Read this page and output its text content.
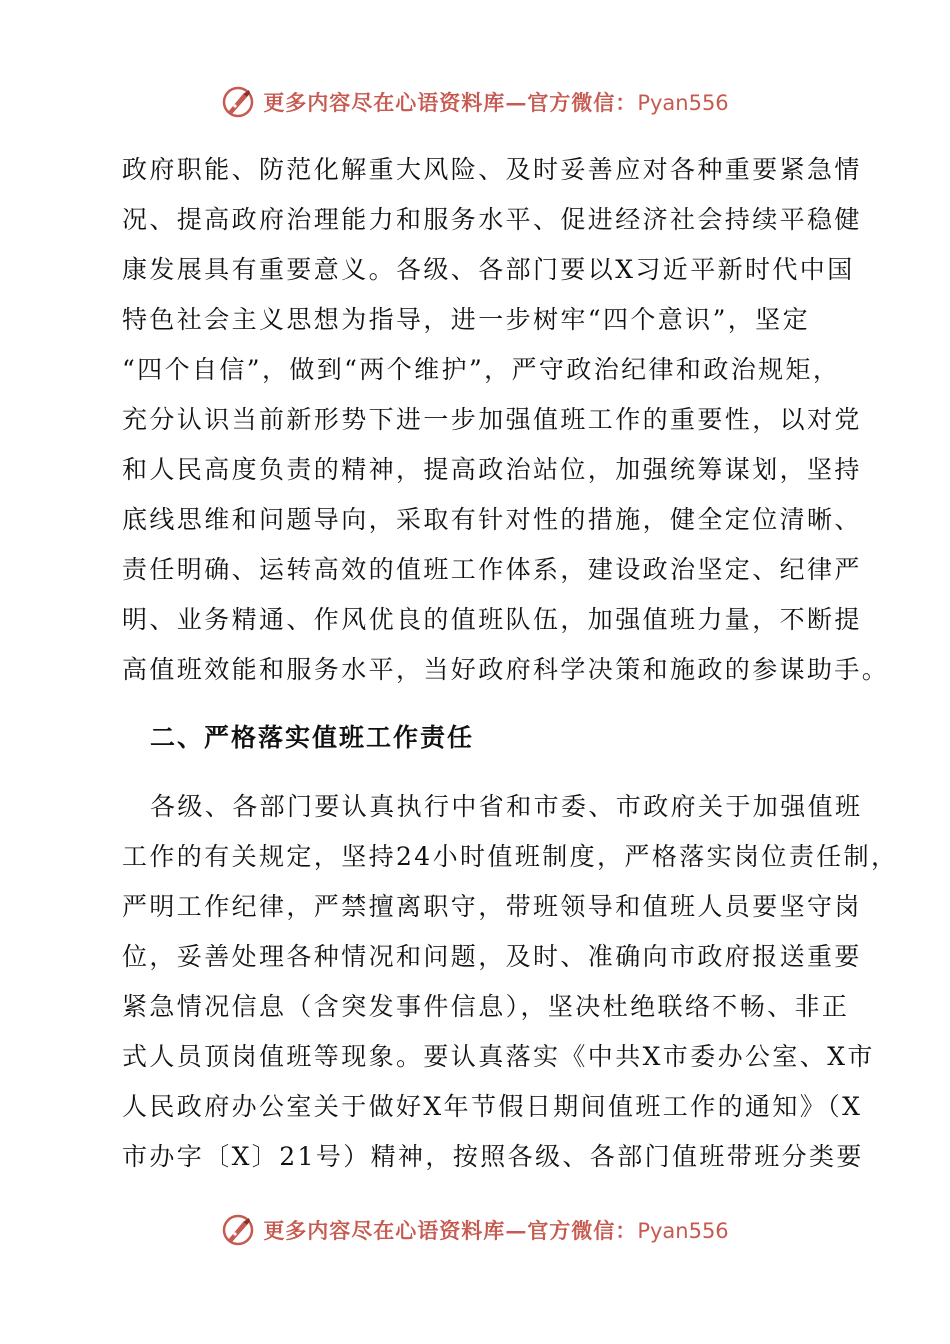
更多内容尽在心语资料库—官方微信：Pyan556
政府职能、防范化解重大风险、及时妥善应对各种重要紧急情
况、提高政府治理能力和服务水平、促进经济社会持续平稳健
康发展具有重要意义。各级、各部门要以X习近平新时代中国
特色社会主义思想为指导，进一步树牢“四个意识”，坚定
“四个自信”，做到“两个维护”，严守政治纪律和政治规矩，
充分认识当前新形势下进一步加强值班工作的重要性，以对党
和人民高度负责的精神，提高政治站位，加强统筹谋划，坚持
底线思维和问题导向，采取有针对性的措施，健全定位清晰、
责任明确、运转高效的值班工作体系，建设政治坚定、纪律严
明、业务精通、作风优良的值班队伍，加强值班力量，不断提
高值班效能和服务水平，当好政府科学决策和施政的参谋助手。
二、严格落实值班工作责任
各级、各部门要认真执行中省和市委、市政府关于加强值班
工作的有关规定，坚持24小时值班制度，严格落实岗位责任制，
严明工作纪律，严禁擅离职守，带班领导和值班人员要坚守岗
位，妥善处理各种情况和问题，及时、准确向市政府报送重要
紧急情况信息（含突发事件信息），坚决杜绝联络不畅、非正
式人员顶岗值班等现象。要认真落实《中共X市委办公室、X市
人民政府办公室关于做好X年节假日期间值班工作的通知》（X
市办字〔X〕21号）精神，按照各级、各部门值班带班分类要
更多内容尽在心语资料库—官方微信：Pyan556
